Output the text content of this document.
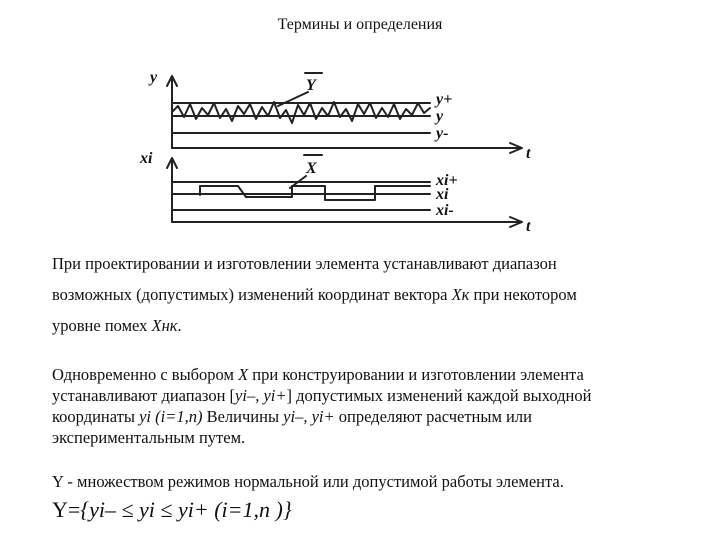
Термины и определения
y
t
Y
y+
y
y-
xi
t
X
xi+
xi
xi-
При проектировании и изготовлении элемента устанавливают диапазон
возможных (допустимых) изменений координат вектора Xк при некотором
уровне помех Xнк.
Одновременно с выбором X при конструировании и изготовлении элемента
устанавливают диапазон [yi–, yi+] допустимых изменений каждой выходной
координаты yi (i=1,n) Величины yi–, yi+ определяют расчетным или
экспериментальным путем.
Y - множеством режимов нормальной или допустимой работы элемента.
Y={yi– ≤ yi ≤ yi+ (i=1,n )}
